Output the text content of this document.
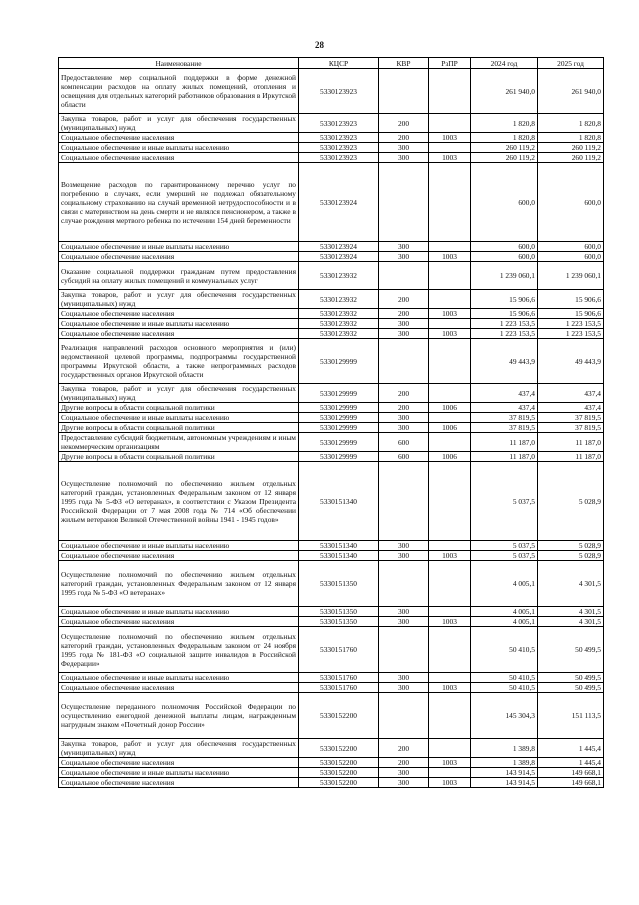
28
Наименование	КЦСР	КВР	РзПР	2024 год	2025 год
Предоставление мер социальной поддержки в форме денежной компенсации расходов на оплату жилых помещений, отопления и освещения для отдельных категорий работников образования в Иркутской области	5330123923			261 940,0	261 940,0
Закупка товаров, работ и услуг для обеспечения государственных (муниципальных) нужд	5330123923	200		1 820,8	1 820,8
Социальное обеспечение населения	5330123923	200	1003	1 820,8	1 820,8
Социальное обеспечение и иные выплаты населению	5330123923	300		260 119,2	260 119,2
Социальное обеспечение населения	5330123923	300	1003	260 119,2	260 119,2
Возмещение расходов по гарантированному перечню услуг по погребению в случаях, если умерший не подлежал обязательному социальному страхованию на случай временной нетрудоспособности и в связи с материнством на день смерти и не являлся пенсионером, а также в случае рождения мертвого ребенка по истечении 154 дней беременности	5330123924			600,0	600,0
Социальное обеспечение и иные выплаты населению	5330123924	300		600,0	600,0
Социальное обеспечение населения	5330123924	300	1003	600,0	600,0
Оказание социальной поддержки гражданам путем предоставления субсидий на оплату жилых помещений и коммунальных услуг	5330123932			1 239 060,1	1 239 060,1
Закупка товаров, работ и услуг для обеспечения государственных (муниципальных) нужд	5330123932	200		15 906,6	15 906,6
Социальное обеспечение населения	5330123932	200	1003	15 906,6	15 906,6
Социальное обеспечение и иные выплаты населению	5330123932	300		1 223 153,5	1 223 153,5
Социальное обеспечение населения	5330123932	300	1003	1 223 153,5	1 223 153,5
Реализация направлений расходов основного мероприятия и (или) ведомственной целевой программы, подпрограммы государственной программы Иркутской области, а также непрограммных расходов государственных органов Иркутской области	5330129999			49 443,9	49 443,9
Закупка товаров, работ и услуг для обеспечения государственных (муниципальных) нужд	5330129999	200		437,4	437,4
Другие вопросы в области социальной политики	5330129999	200	1006	437,4	437,4
Социальное обеспечение и иные выплаты населению	5330129999	300		37 819,5	37 819,5
Другие вопросы в области социальной политики	5330129999	300	1006	37 819,5	37 819,5
Предоставление субсидий бюджетным, автономным учреждениям и иным некоммерческим организациям	5330129999	600		11 187,0	11 187,0
Другие вопросы в области социальной политики	5330129999	600	1006	11 187,0	11 187,0
Осуществление полномочий по обеспечению жильем отдельных категорий граждан, установленных Федеральным законом от 12 января 1995 года № 5-ФЗ «О ветеранах», в соответствии с Указом Президента Российской Федерации от 7 мая 2008 года № 714 «Об обеспечении жильем ветеранов Великой Отечественной войны 1941 - 1945 годов»	5330151340			5 037,5	5 028,9
Социальное обеспечение и иные выплаты населению	5330151340	300		5 037,5	5 028,9
Социальное обеспечение населения	5330151340	300	1003	5 037,5	5 028,9
Осуществление полномочий по обеспечению жильем отдельных категорий граждан, установленных Федеральным законом от 12 января 1995 года № 5-ФЗ «О ветеранах»	5330151350			4 005,1	4 301,5
Социальное обеспечение и иные выплаты населению	5330151350	300		4 005,1	4 301,5
Социальное обеспечение населения	5330151350	300	1003	4 005,1	4 301,5
Осуществление полномочий по обеспечению жильем отдельных категорий граждан, установленных Федеральным законом от 24 ноября 1995 года № 181-ФЗ «О социальной защите инвалидов в Российской Федерации»	5330151760			50 410,5	50 499,5
Социальное обеспечение и иные выплаты населению	5330151760	300		50 410,5	50 499,5
Социальное обеспечение населения	5330151760	300	1003	50 410,5	50 499,5
Осуществление переданного полномочия Российской Федерации по осуществлению ежегодной денежной выплаты лицам, награжденным нагрудным знаком «Почетный донор России»	5330152200			145 304,3	151 113,5
Закупка товаров, работ и услуг для обеспечения государственных (муниципальных) нужд	5330152200	200		1 389,8	1 445,4
Социальное обеспечение населения	5330152200	200	1003	1 389,8	1 445,4
Социальное обеспечение и иные выплаты населению	5330152200	300		143 914,5	149 668,1
Социальное обеспечение населения	5330152200	300	1003	143 914,5	149 668,1
